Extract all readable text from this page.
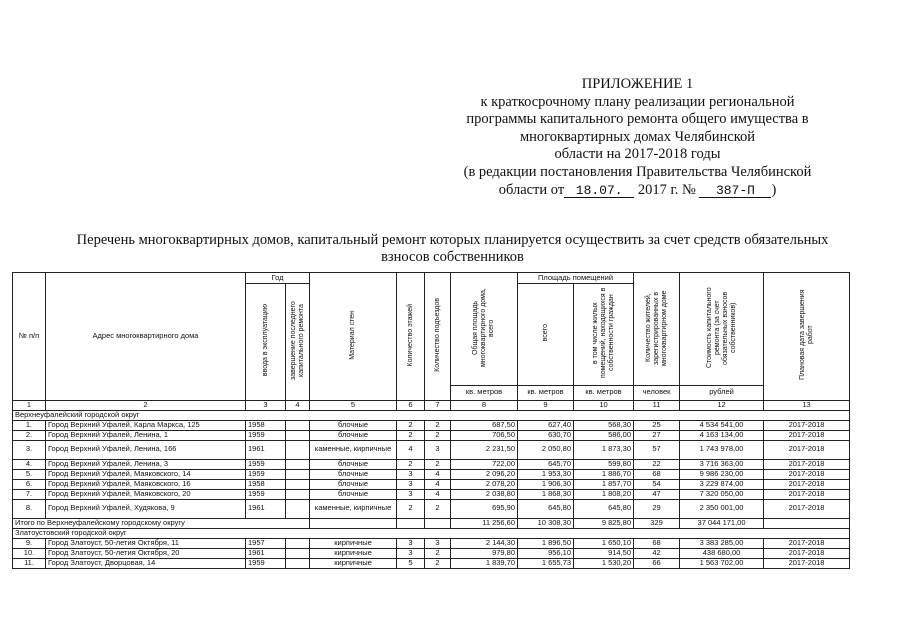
ПРИЛОЖЕНИЕ 1
к краткосрочному плану реализации региональной
программы капитального ремонта общего имущества в
многоквартирных домах Челябинской
области на 2017-2018 годы
(в редакции постановления Правительства Челябинской
области от 18.07. 2017 г. № 387-П )
Перечень многоквартирных домов, капитальный ремонт которых планируется осуществить за счет средств обязательных
взносов собственников
№ п/п	Адрес многоквартирного дома	Год		Материал стен	Количество этажей	Количество подъездов	Общая площадь многоквартирного дома, всего	Площадь помещений		Количество жителей, зарегистрированных в многоквартирном доме	Стоимость капитального ремонта (за счет обязательных взносов собственников)	Плановая дата завершения работ
		ввода в эксплуатацию	завершение последнего капитального ремонта					всего	в том числе жилых помещений, находящихся в собственности граждан			
							кв. метров	кв. метров	кв. метров	человек	рублей	
1	2	3	4	5	6	7	8	9	10	11	12	13
Верхнеуфалейский городской округ												
1.	Город Верхний Уфалей, Карла Маркса, 125	1958		блочные	2	2	687,50	627,40	568,30	25	4 534 541,00	2017-2018
2.	Город Верхний Уфалей, Ленина, 1	1959		блочные	2	2	706,50	630,70	586,00	27	4 163 134,00	2017-2018
3.	Город Верхний Уфалей, Ленина, 166	1961		каменные, кирпичные	4	3	2 231,50	2 050,80	1 873,30	57	1 743 978,00	2017-2018
4.	Город Верхний Уфалей, Ленина, 3	1959		блочные	2	2	722,00	645,70	599,80	22	3 716 363,00	2017-2018
5.	Город Верхний Уфалей, Маяковского, 14	1959		блочные	3	4	2 096,20	1 953,30	1 886,70	68	9 986 230,00	2017-2018
6.	Город Верхний Уфалей, Маяковского, 16	1958		блочные	3	4	2 078,20	1 906,30	1 857,70	54	3 229 874,00	2017-2018
7.	Город Верхний Уфалей, Маяковского, 20	1959		блочные	3	4	2 038,80	1 868,30	1 808,20	47	7 320 050,00	2017-2018
8.	Город Верхний Уфалей, Худякова, 9	1961		каменные, кирпичные	2	2	695,90	645,80	645,80	29	2 350 001,00	2017-2018
Итого по Верхнеуфалейскому городскому округу							11 256,60	10 308,30	9 825,80	329	37 044 171,00	
Златоустовский городской округ												
9.	Город Златоуст, 50-летия Октября, 11	1957		кирпичные	3	3	2 144,30	1 896,50	1 650,10	68	3 383 285,00	2017-2018
10.	Город Златоуст, 50-летия Октября, 20	1961		кирпичные	3	2	979,80	956,10	914,50	42	438 680,00	2017-2018
11.	Город Златоуст, Дворцовая, 14	1959		кирпичные	5	2	1 839,70	1 655,73	1 530,20	66	1 563 702,00	2017-2018
